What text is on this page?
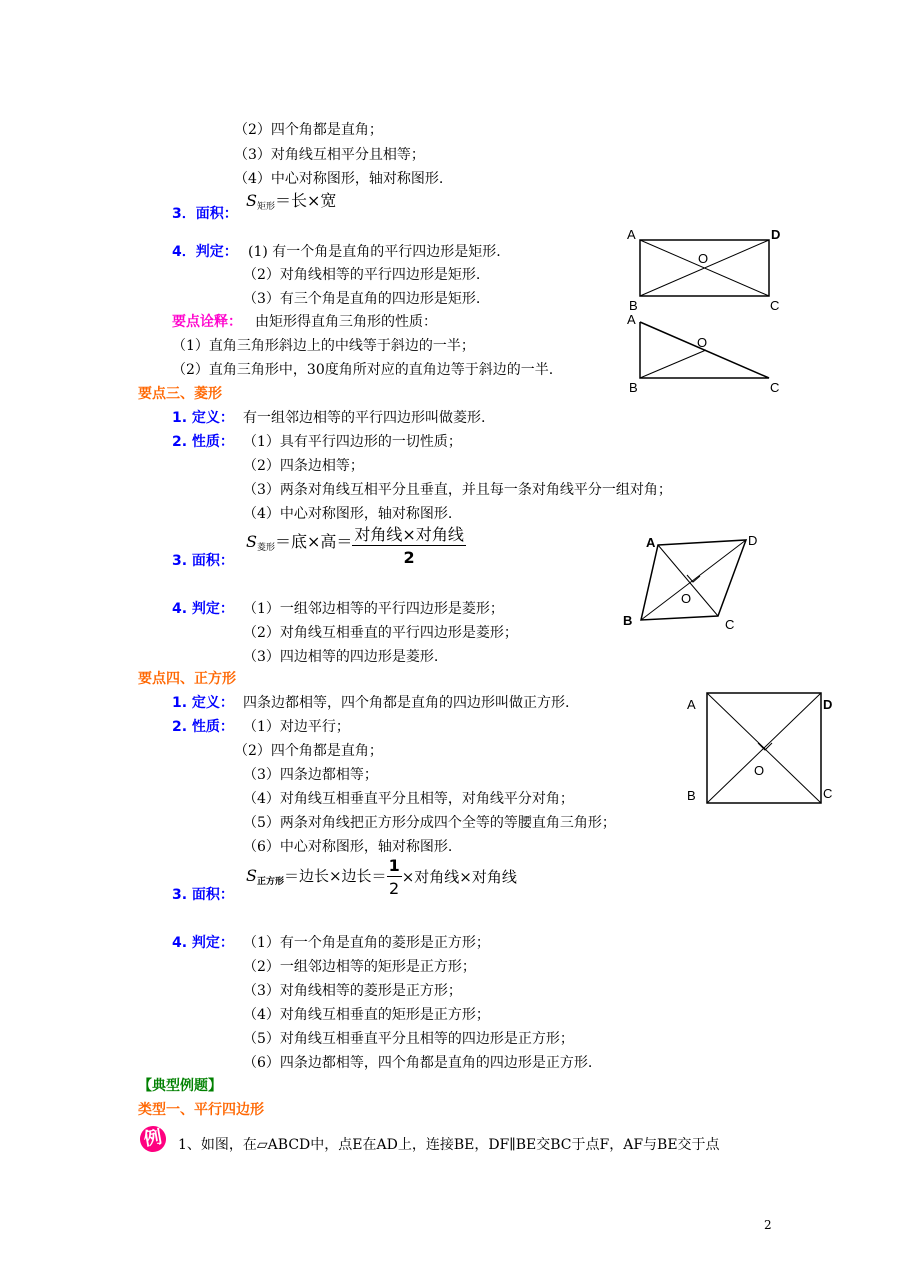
（2）四个角都是直角；
（3）对角线互相平分且相等；
（4）中心对称图形，轴对称图形.
3．面积：
$S_{矩形}=$长×宽
4．判定： (1) 有一个角是直角的平行四边形是矩形.
（2）对角线相等的平行四边形是矩形.
（3）有三个角是直角的四边形是矩形.
要点诠释： 由矩形得直角三角形的性质：
（1）直角三角形斜边上的中线等于斜边的一半；
（2）直角三角形中，30度角所对应的直角边等于斜边的一半.
要点三、菱形
1. 定义： 有一组邻边相等的平行四边形叫做菱形.
2. 性质： （1）具有平行四边形的一切性质；
（2）四条边相等；
（3）两条对角线互相平分且垂直，并且每一条对角线平分一组对角；
（4）中心对称图形，轴对称图形.
3. 面积：
$S_{菱形}=$底×高＝ $\frac{\text{对角线×对角线}}{2}$
4. 判定： （1）一组邻边相等的平行四边形是菱形；
（2）对角线互相垂直的平行四边形是菱形；
（3）四边相等的四边形是菱形.
要点四、正方形
1. 定义： 四条边都相等，四个角都是直角的四边形叫做正方形.
2. 性质： （1）对边平行；
（2）四个角都是直角；
（3）四条边都相等；
（4）对角线互相垂直平分且相等，对角线平分对角；
（5）两条对角线把正方形分成四个全等的等腰直角三角形；
（6）中心对称图形，轴对称图形.
3. 面积：
$S_{正方形}=$边长×边长＝ $\frac{1}{2}$ ×对角线×对角线
4. 判定： （1）有一个角是直角的菱形是正方形；
（2）一组邻边相等的矩形是正方形；
（3）对角线相等的菱形是正方形；
（4）对角线互相垂直的矩形是正方形；
（5）对角线互相垂直平分且相等的四边形是正方形；
（6）四条边都相等，四个角都是直角的四边形是正方形.
【典型例题】
类型一、平行四边形
例	1、如图，在▱ABCD中，点E在AD上，连接BE，DF∥BE交BC于点F，AF与BE交于点
2
A	D
B	C
O
A
B	C
O
A	D
B	C
O
A	D
B	C
O
